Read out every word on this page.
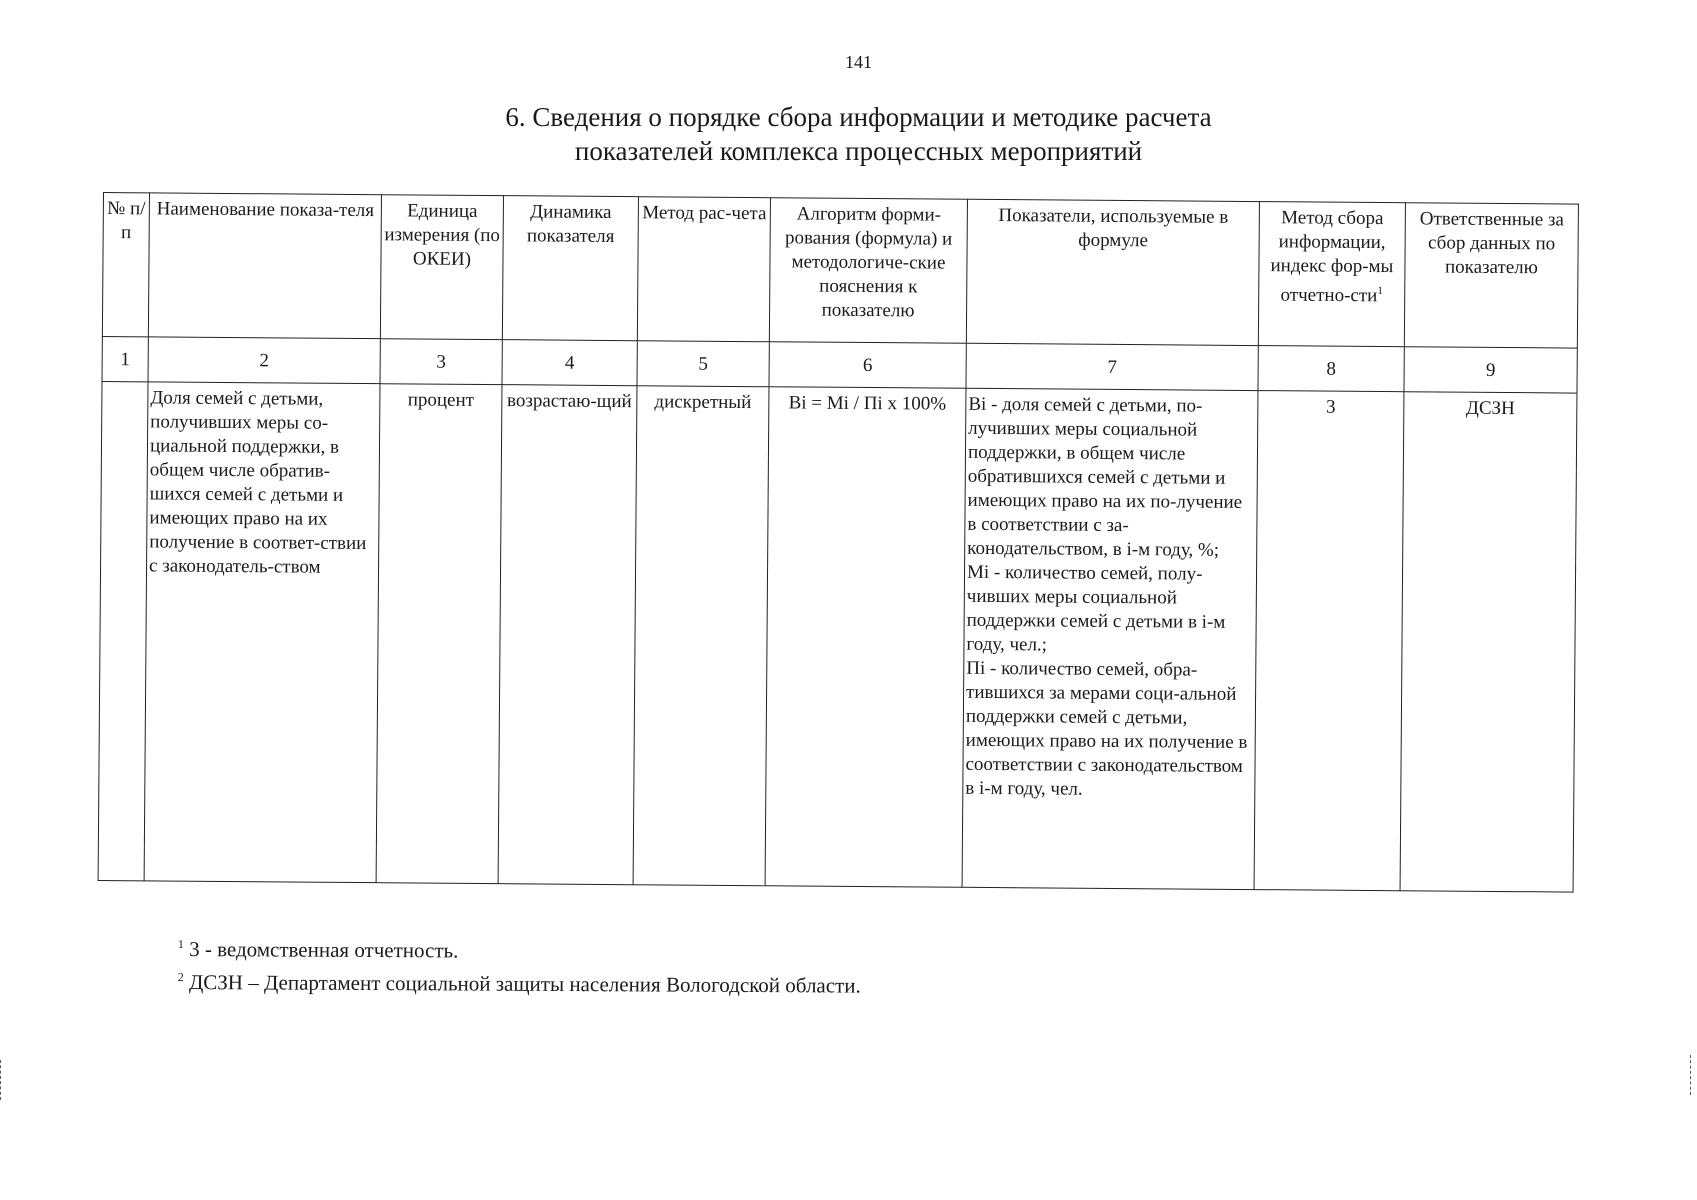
141
6. Сведения о порядке сбора информации и методике расчета
показателей комплекса процессных мероприятий
№ п/п	Наименование показа-теля	Единица измерения (по ОКЕИ)	Динамика показателя	Метод рас-чета	Алгоритм форми-рования (формула) и методологиче-ские пояснения к показателю	Показатели, используемые в формуле	Метод сбора информации, индекс фор-мы отчетно-сти$^1$	Ответственные за сбор данных по показателю
1	2	3	4	5	6	7	8	9
	Доля семей с детьми, получивших меры со-циальной поддержки, в общем числе обратив-шихся семей с детьми и имеющих право на их получение в соответ-ствии с законодатель-ством	процент	возрастаю-щий	дискретный	Bi = Mi / Пi x 100%	Bi - доля семей с детьми, по-лучивших меры социальной поддержки, в общем числе обратившихся семей с детьми и имеющих право на их по-лучение в соответствии с за-конодательством, в i-м году, %;
Mi - количество семей, полу-чивших меры социальной поддержки семей с детьми в i-м году, чел.;
Пi - количество семей, обра-тившихся за мерами соци-альной поддержки семей с детьми, имеющих право на их получение в соответствии с законодательством в i-м году, чел.	3	ДСЗН
$^1$ 3 - ведомственная отчетность.
$^2$ ДСЗН – Департамент социальной защиты населения Вологодской области.
